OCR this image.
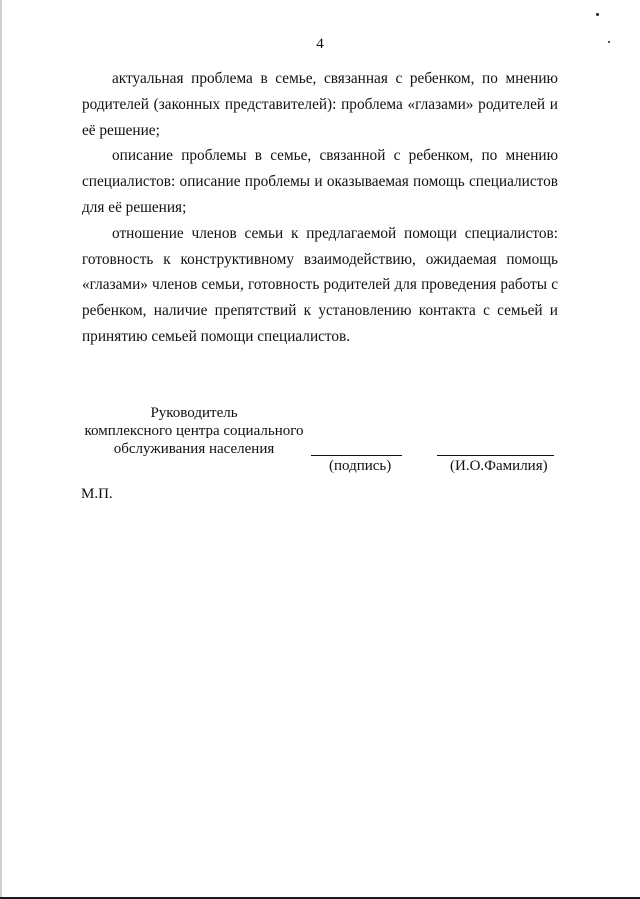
4

актуальная проблема в семье, связанная с ребенком, по мнению родителей (законных представителей): проблема «глазами» родителей и её решение;

описание проблемы в семье, связанной с ребенком, по мнению специалистов: описание проблемы и оказываемая помощь специалистов для её решения;

отношение членов семьи к предлагаемой помощи специалистов: готовность к конструктивному взаимодействию, ожидаемая помощь «глазами» членов семьи, готовность родителей для проведения работы с ребенком, наличие препятствий к установлению контакта с семьей и принятию семьей помощи специалистов.

Руководитель
комплексного центра социального
обслуживания населения
(подпись)	(И.О.Фамилия)
М.П.
